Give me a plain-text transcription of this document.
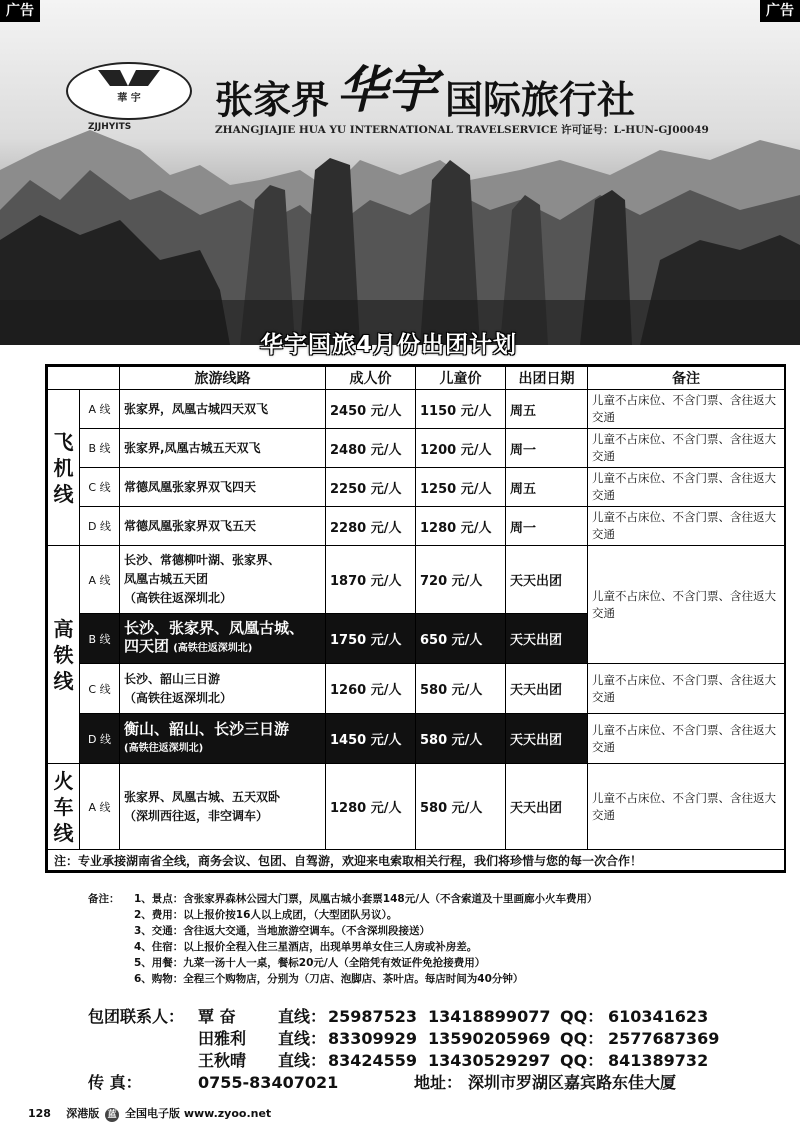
華 宇
ZJJHYITS
张家界 华宇 国际旅行社
ZHANGJIAJIE HUA YU INTERNATIONAL TRAVELSERVICE 许可证号：L-HUN-GJ00049
广告	广告
华宇国旅4月份出团计划
		旅游线路	成人价	儿童价	出团日期	备注
飞机线	A 线	张家界，凤凰古城四天双飞	2450 元/人	1150 元/人	周五	儿童不占床位、不含门票、含往返大交通
	B 线	张家界,凤凰古城五天双飞	2480 元/人	1200 元/人	周一	儿童不占床位、不含门票、含往返大交通
	C 线	常德凤凰张家界双飞四天	2250 元/人	1250 元/人	周五	儿童不占床位、不含门票、含往返大交通
	D 线	常德凤凰张家界双飞五天	2280 元/人	1280 元/人	周一	儿童不占床位、不含门票、含往返大交通
高铁线	A 线	长沙、常德柳叶湖、张家界、
凤凰古城五天团
（高铁往返深圳北）	1870 元/人	720 元/人	天天出团	儿童不占床位、不含门票、含往返大交通
	B 线	长沙、张家界、凤凰古城、
四天团 (高铁往返深圳北)	1750 元/人	650 元/人	天天出团	
	C 线	长沙、韶山三日游
（高铁往返深圳北）	1260 元/人	580 元/人	天天出团	儿童不占床位、不含门票、含往返大交通
	D 线	衡山、韶山、长沙三日游
(高铁往返深圳北)	1450 元/人	580 元/人	天天出团	儿童不占床位、不含门票、含往返大交通
火车线	A 线	张家界、凤凰古城、五天双卧
（深圳西往返，非空调车）	1280 元/人	580 元/人	天天出团	儿童不占床位、不含门票、含往返大交通
注：专业承接湖南省全线，商务会议、包团、自驾游，欢迎来电索取相关行程，我们将珍惜与您的每一次合作！						
备注：	1、景点：含张家界森林公园大门票，凤凰古城小套票148元/人（不含索道及十里画廊小火车费用）
2、费用：以上报价按16人以上成团，（大型团队另议）。
3、交通：含往返大交通，当地旅游空调车。（不含深圳段接送）
4、住宿：以上报价全程入住三星酒店，出现单男单女住三人房或补房差。
5、用餐：九菜一汤十人一桌，餐标20元/人（全陪凭有效证件免抢接费用）
6、购物：全程三个购物店，分别为（刀店、泡脚店、茶叶店。每店时间为40分钟）
包团联系人： 覃 奋	直线： 25987523 13418899077 QQ： 610341623
田雅利 直线： 83309929 13590205969 QQ： 2577687369
王秋晴 直线： 83424559 13430529297 QQ： 841389732
传 真：	0755-83407021	地址： 深圳市罗湖区嘉宾路东佳大厦
128 深港版 蓝 全国电子版 www.zyoo.net
